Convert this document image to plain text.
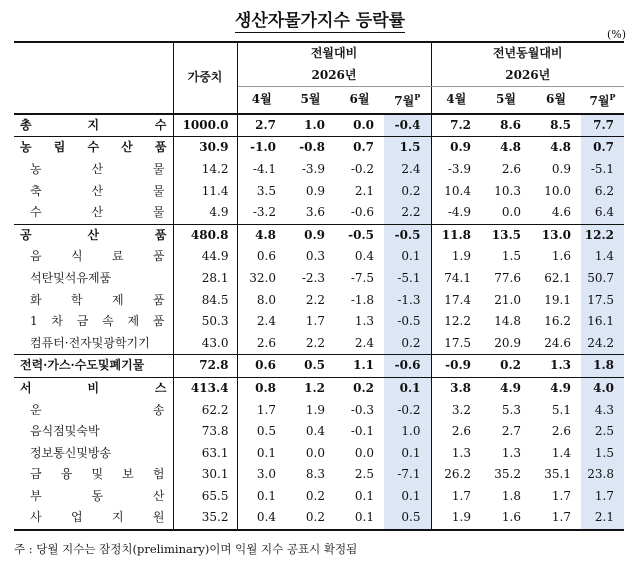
생산자물가지수 등락률
(%)
	가중치	전월대비				전년동월대비			
		2026년				2026년			
		4월	5월	6월	7월$^P$	4월	5월	6월	7월$^P$
총 지 수	1000.0	2.7	1.0	0.0	-0.4	7.2	8.6	8.5	7.7
농 림 수 산 품	30.9	-1.0	-0.8	0.7	1.5	0.9	4.8	4.8	0.7
농 산 물	14.2	-4.1	-3.9	-0.2	2.4	-3.9	2.6	0.9	-5.1
축 산 물	11.4	3.5	0.9	2.1	0.2	10.4	10.3	10.0	6.2
수 산 물	4.9	-3.2	3.6	-0.6	2.2	-4.9	0.0	4.6	6.4
공 산 품	480.8	4.8	0.9	-0.5	-0.5	11.8	13.5	13.0	12.2
음 식 료 품	44.9	0.6	0.3	0.4	0.1	1.9	1.5	1.6	1.4
석탄및석유제품	28.1	32.0	-2.3	-7.5	-5.1	74.1	77.6	62.1	50.7
화 학 제 품	84.5	8.0	2.2	-1.8	-1.3	17.4	21.0	19.1	17.5
1 차 금 속 제 품	50.3	2.4	1.7	1.3	-0.5	12.2	14.8	16.2	16.1
컴퓨터·전자및광학기기	43.0	2.6	2.2	2.4	0.2	17.5	20.9	24.6	24.2
전력·가스·수도및폐기물	72.8	0.6	0.5	1.1	-0.6	-0.9	0.2	1.3	1.8
서 비 스	413.4	0.8	1.2	0.2	0.1	3.8	4.9	4.9	4.0
운 송	62.2	1.7	1.9	-0.3	-0.2	3.2	5.3	5.1	4.3
음식점및숙박	73.8	0.5	0.4	-0.1	1.0	2.6	2.7	2.6	2.5
정보통신및방송	63.1	0.1	0.0	0.0	0.1	1.3	1.3	1.4	1.5
금 융 및 보 험	30.1	3.0	8.3	2.5	-7.1	26.2	35.2	35.1	23.8
부 동 산	65.5	0.1	0.2	0.1	0.1	1.7	1.8	1.7	1.7
사 업 지 원	35.2	0.4	0.2	0.1	0.5	1.9	1.6	1.7	2.1
주 : 당월 지수는 잠정치(preliminary)이며 익월 지수 공표시 확정됨
